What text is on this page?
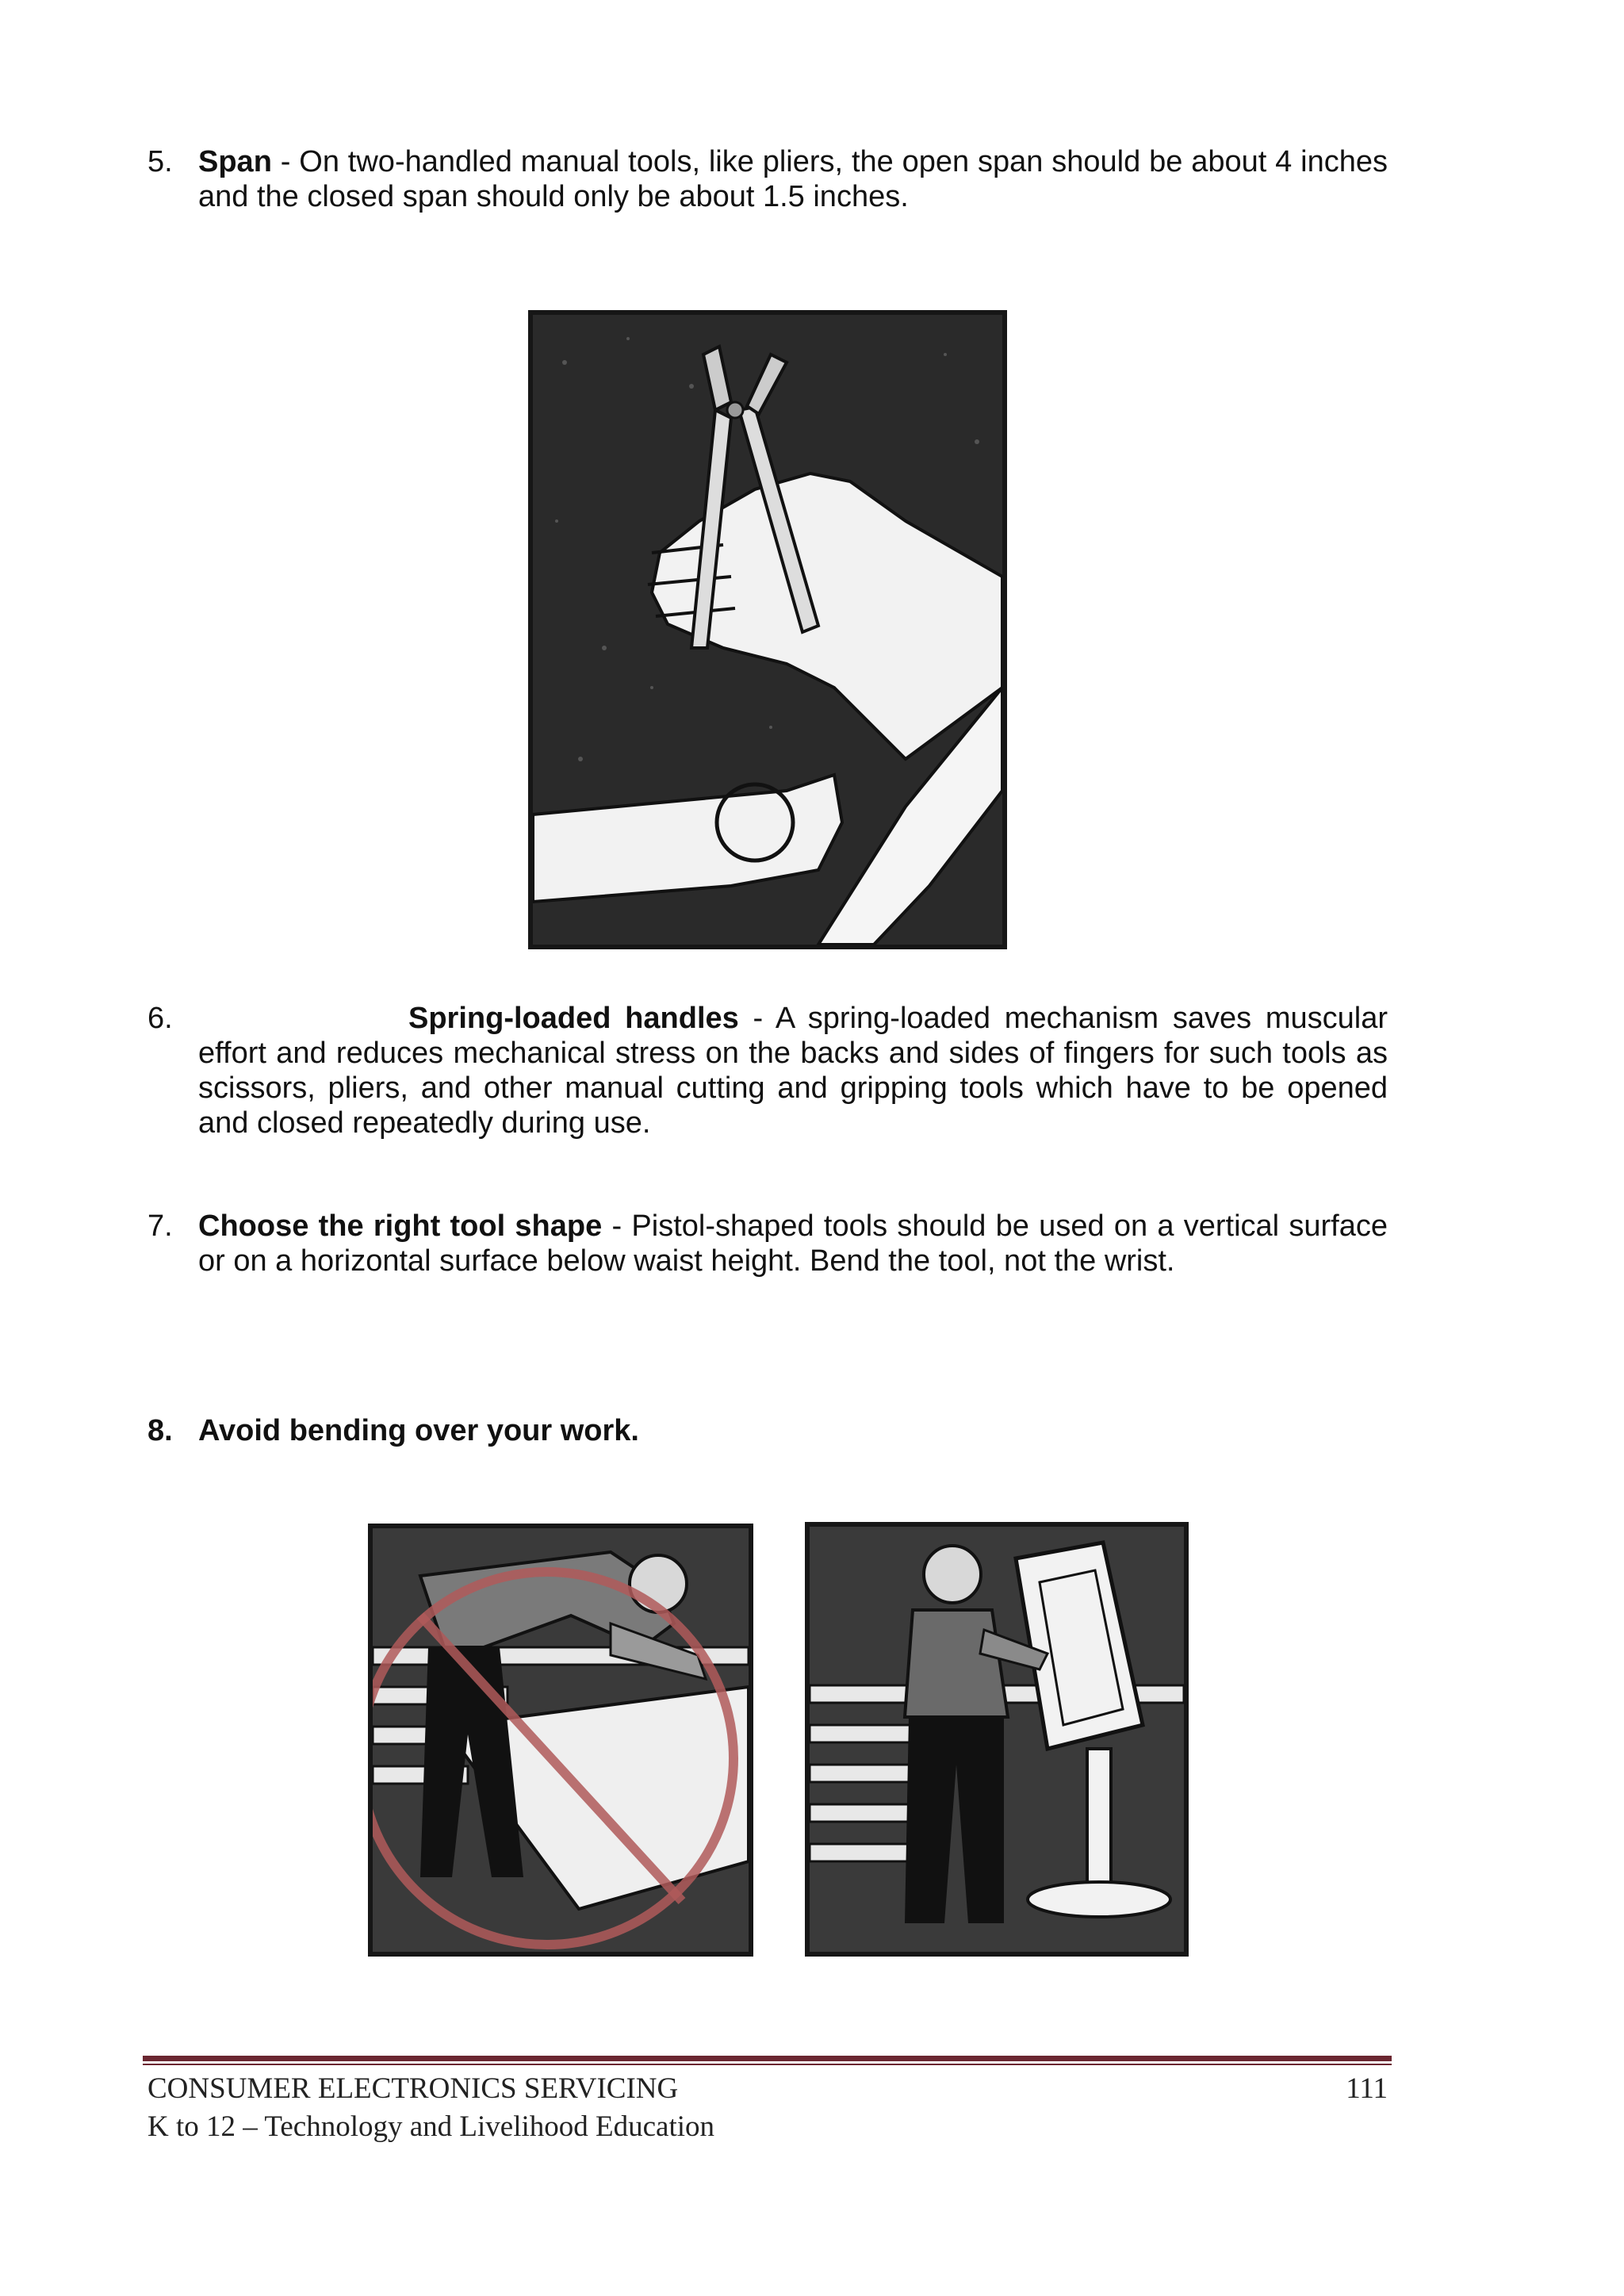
5. Span - On two-handled manual tools, like pliers, the open span should be about 4 inches and the closed span should only be about 1.5 inches.
6.	Spring-loaded handles - A spring-loaded mechanism saves muscular effort and reduces mechanical stress on the backs and sides of fingers for such tools as scissors, pliers, and other manual cutting and gripping tools which have to be opened and closed repeatedly during use.
7. Choose the right tool shape - Pistol-shaped tools should be used on a vertical surface or on a horizontal surface below waist height. Bend the tool, not the wrist.
8. Avoid bending over your work.
CONSUMER ELECTRONICS SERVICING	111
K to 12 – Technology and Livelihood Education
